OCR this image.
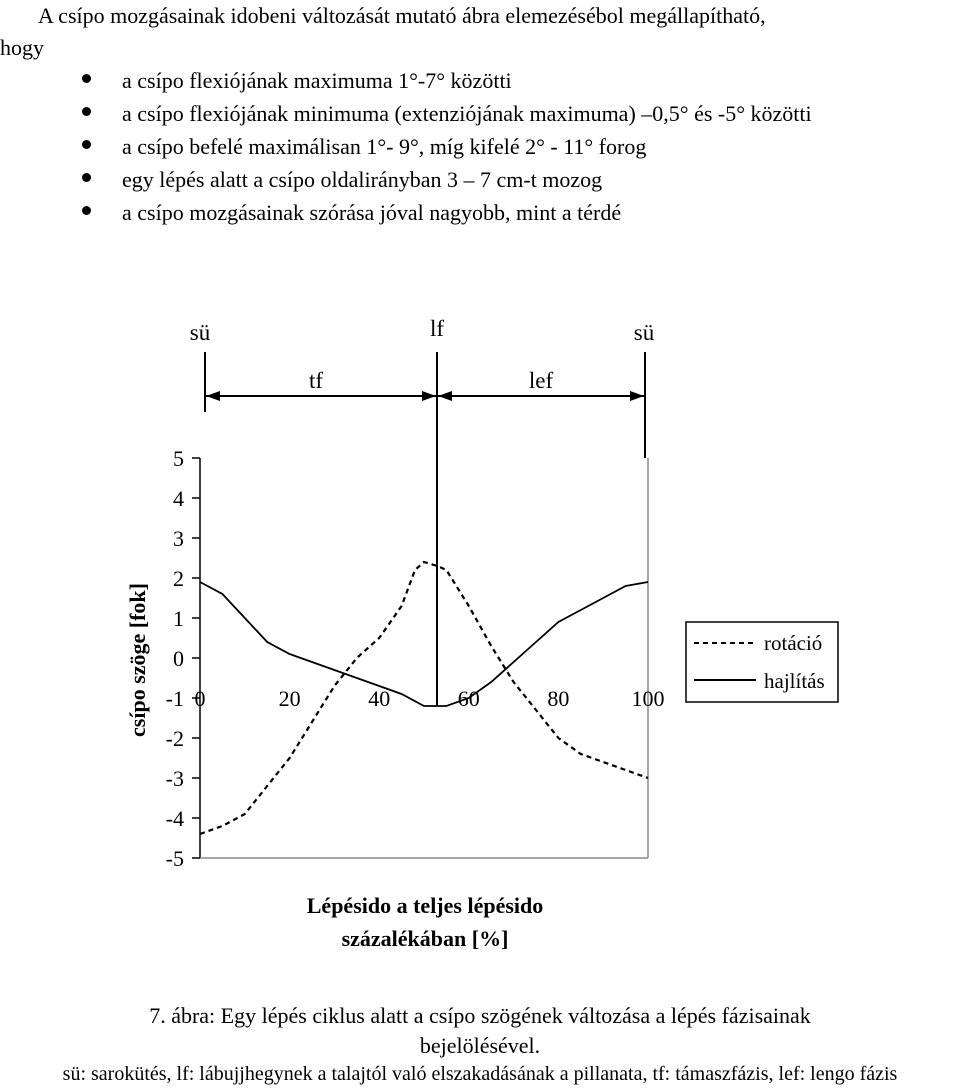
A csípo mozgásainak idobeni változását mutató ábra elemezésébol megállapítható,
hogy
a csípo flexiójának maximuma 1°-7° közötti
a csípo flexiójának minimuma (extenziójának maximuma) –0,5° és -5° közötti
a csípo befelé maximálisan 1°- 9°, míg kifelé 2° - 11° forog
egy lépés alatt a csípo oldalirányban 3 – 7 cm-t mozog
a csípo mozgásainak szórása jóval nagyobb, mint a térdé
sü	lf	sü
tf	lef
5
4
3
2
1
0
-1
-2
-3
-4
-5
0	20	40	60	80	100
csípo szöge [fok]
Lépésido a teljes lépésido
százalékában [%]
rotáció
hajlítás
7. ábra: Egy lépés ciklus alatt a csípo szögének változása a lépés fázisainak
bejelölésével.
sü: sarokütés, lf: lábujjhegynek a talajtól való elszakadásának a pillanata, tf: támaszfázis, lef: lengo fázis
